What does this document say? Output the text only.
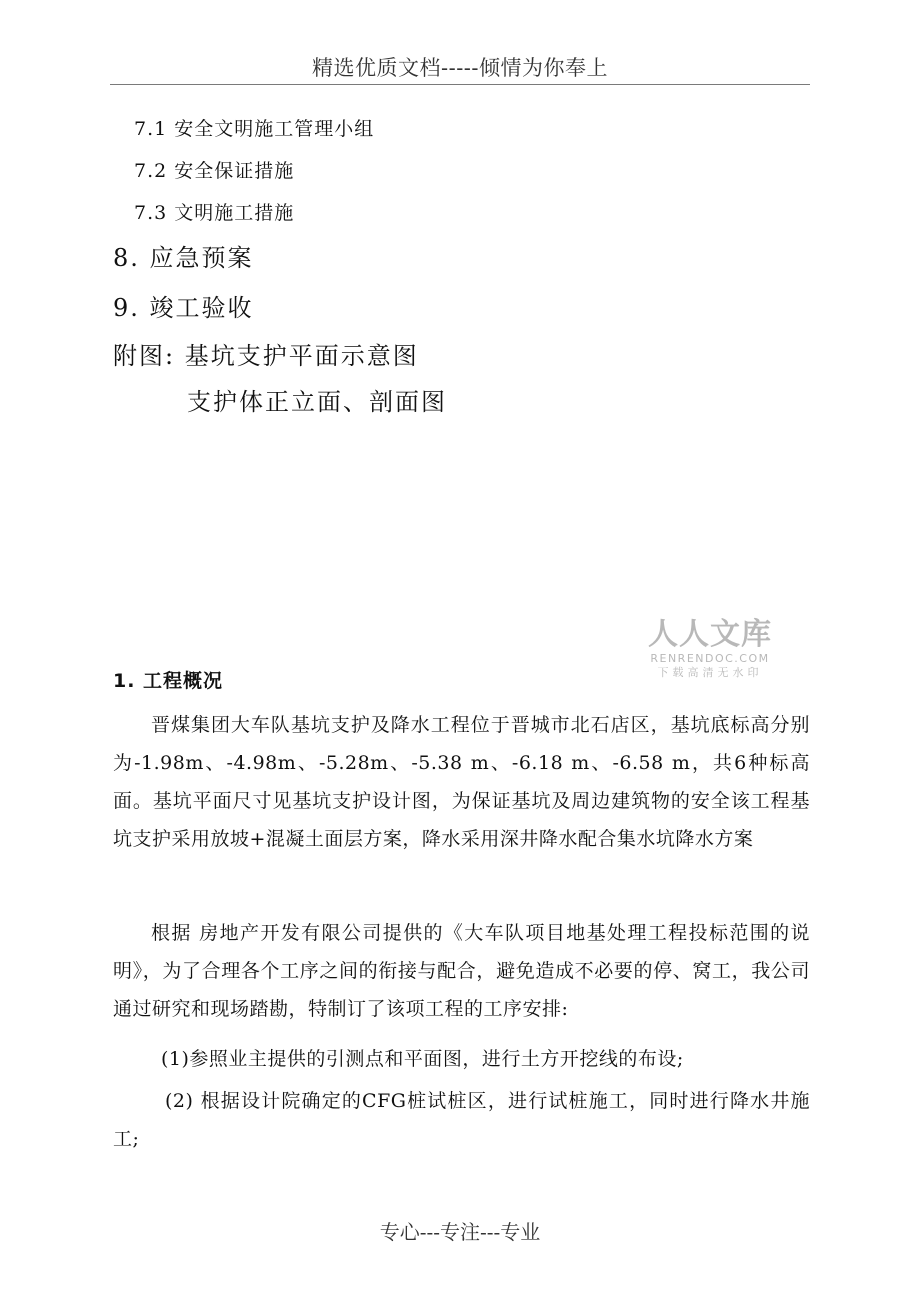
精选优质文档-----倾情为你奉上
7.1 安全文明施工管理小组
7.2 安全保证措施
7.3 文明施工措施
8. 应急预案
9. 竣工验收
附图: 基坑支护平面示意图
支护体正立面、剖面图
人人文库
RENRENDOC.COM
下载高清无水印
1. 工程概况
晋煤集团大车队基坑支护及降水工程位于晋城市北石店区，基坑底标高分别为-1.98m、-4.98m、-5.28m、-5.38 m、-6.18 m、-6.58 m，共6种标高面。基坑平面尺寸见基坑支护设计图，为保证基坑及周边建筑物的安全该工程基坑支护采用放坡+混凝土面层方案，降水采用深井降水配合集水坑降水方案
根据 房地产开发有限公司提供的《大车队项目地基处理工程投标范围的说明》，为了合理各个工序之间的衔接与配合，避免造成不必要的停、窝工，我公司通过研究和现场踏勘，特制订了该项工程的工序安排:
(1)参照业主提供的引测点和平面图，进行土方开挖线的布设;
(2) 根据设计院确定的CFG桩试桩区，进行试桩施工，同时进行降水井施工;
专心---专注---专业
